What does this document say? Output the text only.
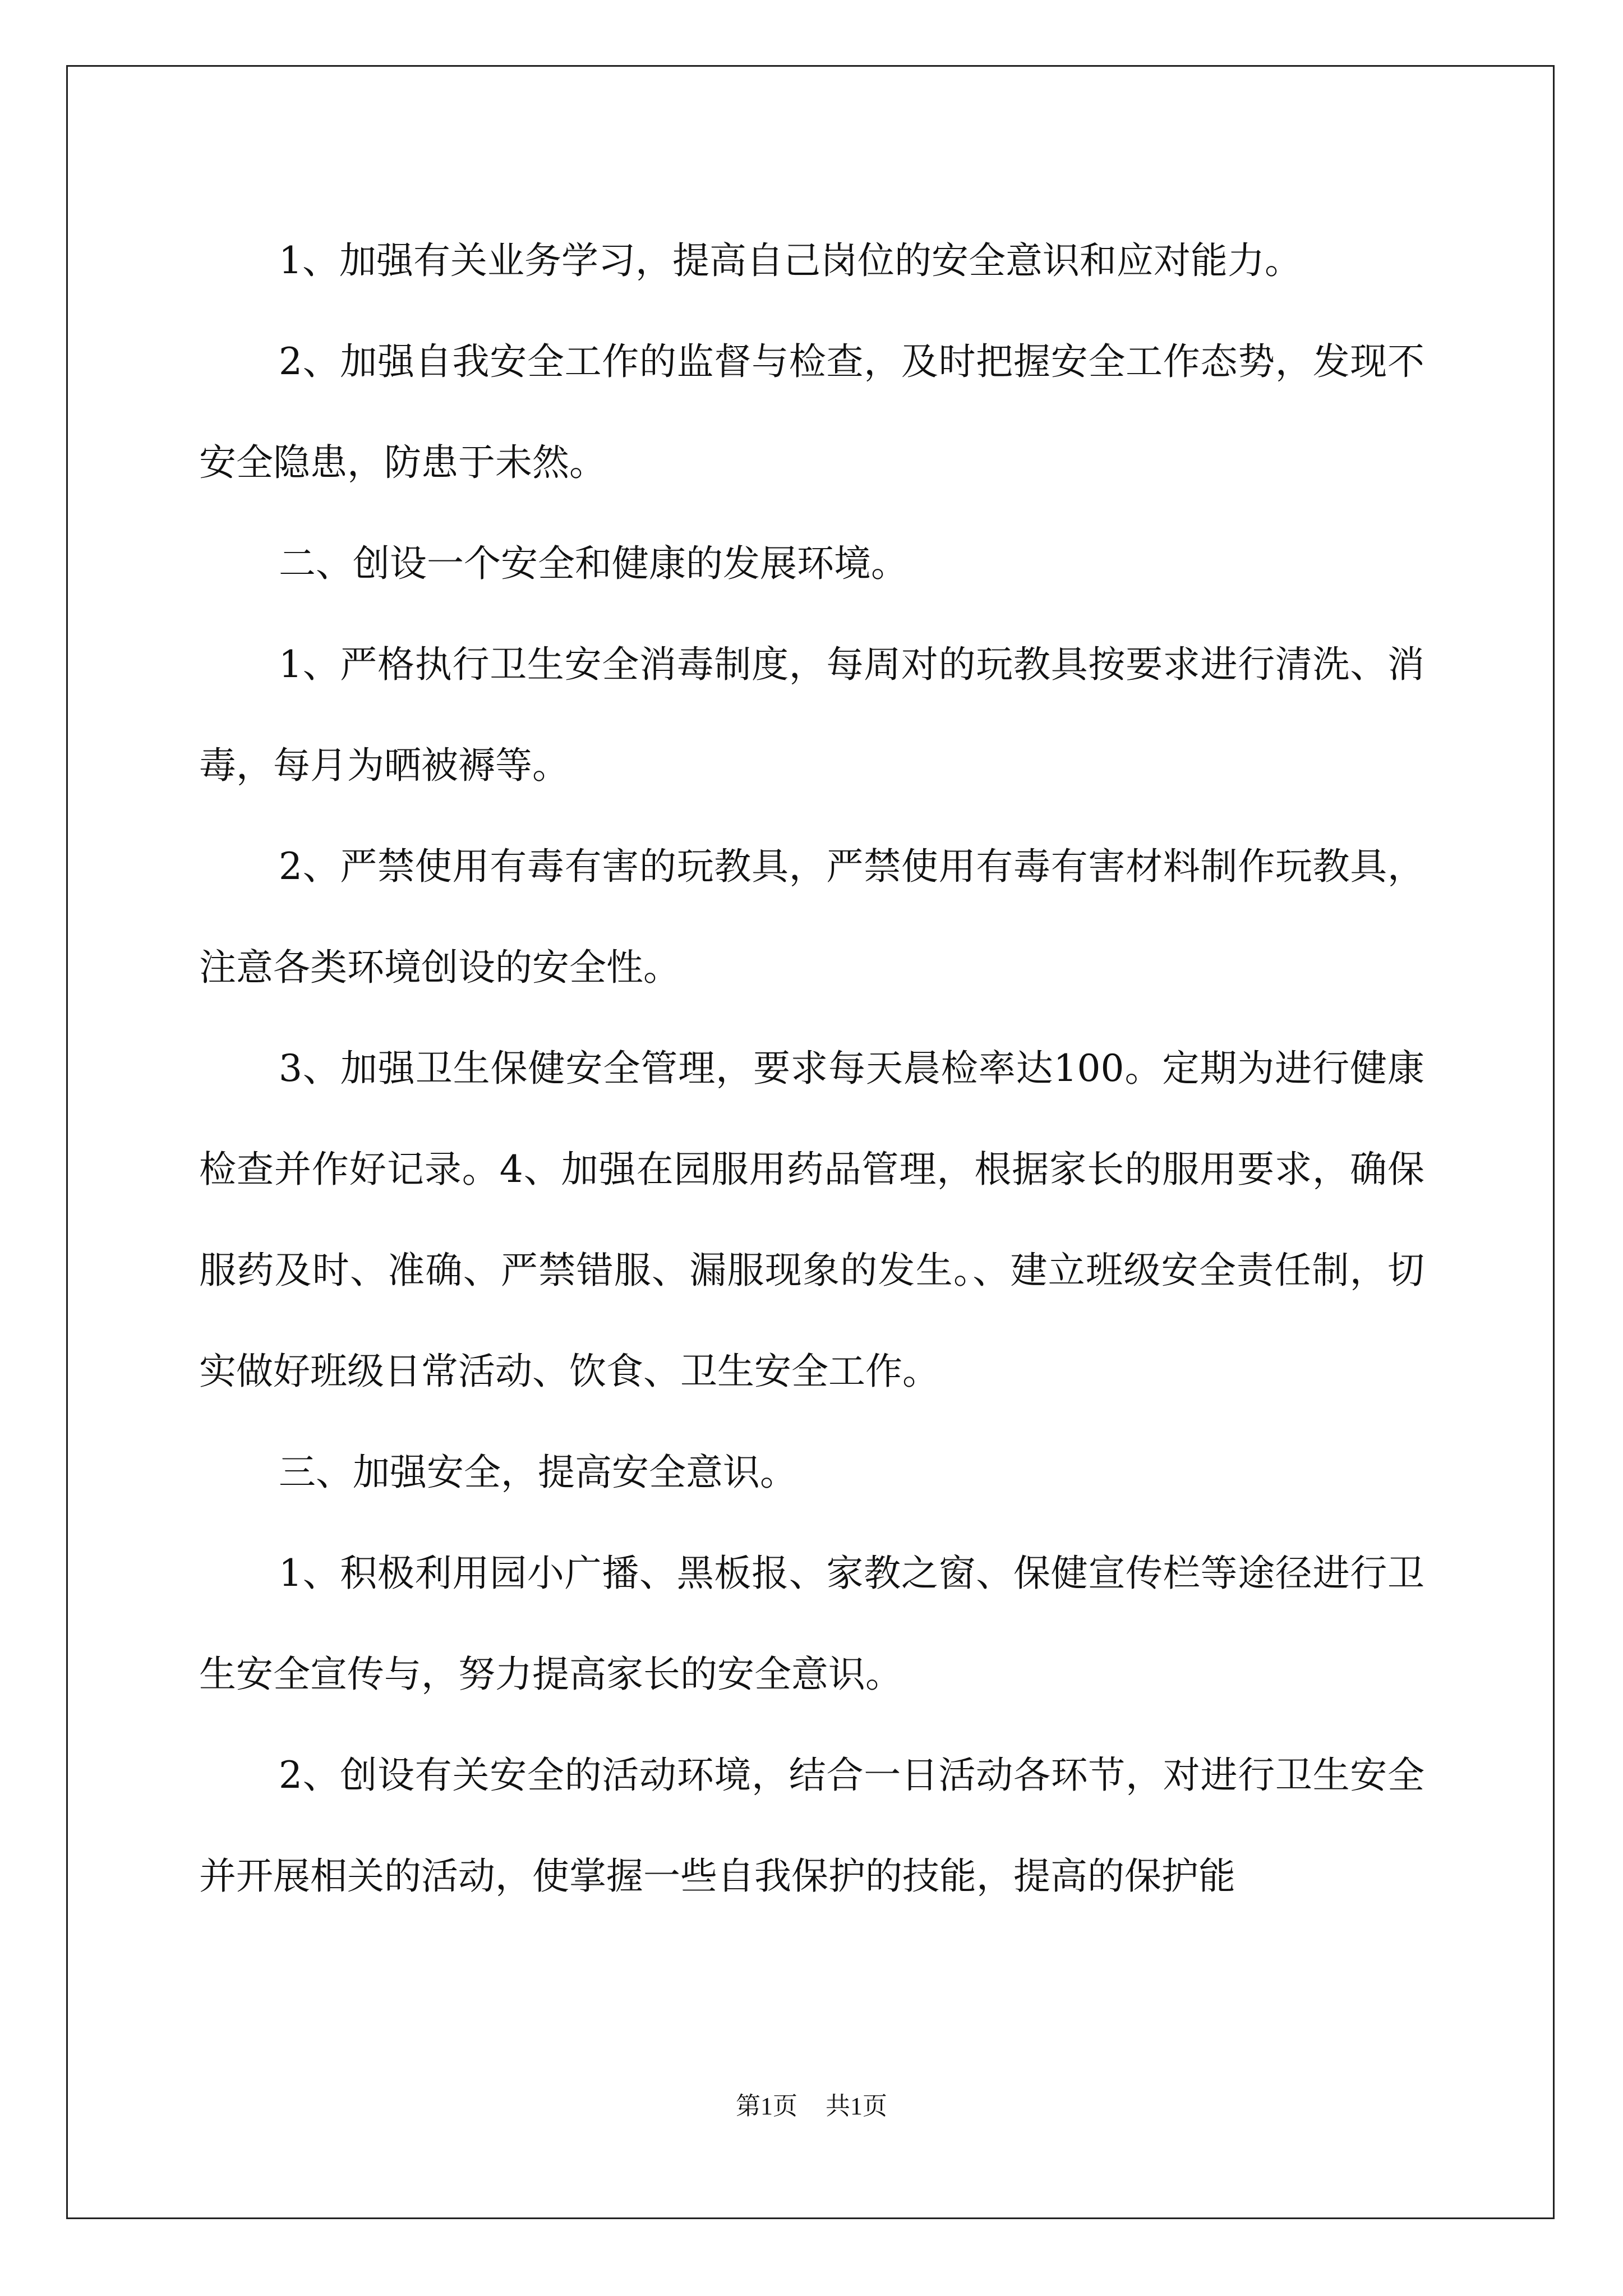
1、加强有关业务学习，提高自己岗位的安全意识和应对能力。

2、加强自我安全工作的监督与检查，及时把握安全工作态势，发现不安全隐患，防患于未然。

二、创设一个安全和健康的发展环境。

1、严格执行卫生安全消毒制度，每周对的玩教具按要求进行清洗、消毒，每月为晒被褥等。

2、严禁使用有毒有害的玩教具，严禁使用有毒有害材料制作玩教具，注意各类环境创设的安全性。

3、加强卫生保健安全管理，要求每天晨检率达100。定期为进行健康检查并作好记录。4、加强在园服用药品管理，根据家长的服用要求，确保服药及时、准确、严禁错服、漏服现象的发生。、建立班级安全责任制，切实做好班级日常活动、饮食、卫生安全工作。

三、加强安全，提高安全意识。

1、积极利用园小广播、黑板报、家教之窗、保健宣传栏等途径进行卫生安全宣传与，努力提高家长的安全意识。

2、创设有关安全的活动环境，结合一日活动各环节，对进行卫生安全并开展相关的活动，使掌握一些自我保护的技能，提高的保护能

第1页 共1页
